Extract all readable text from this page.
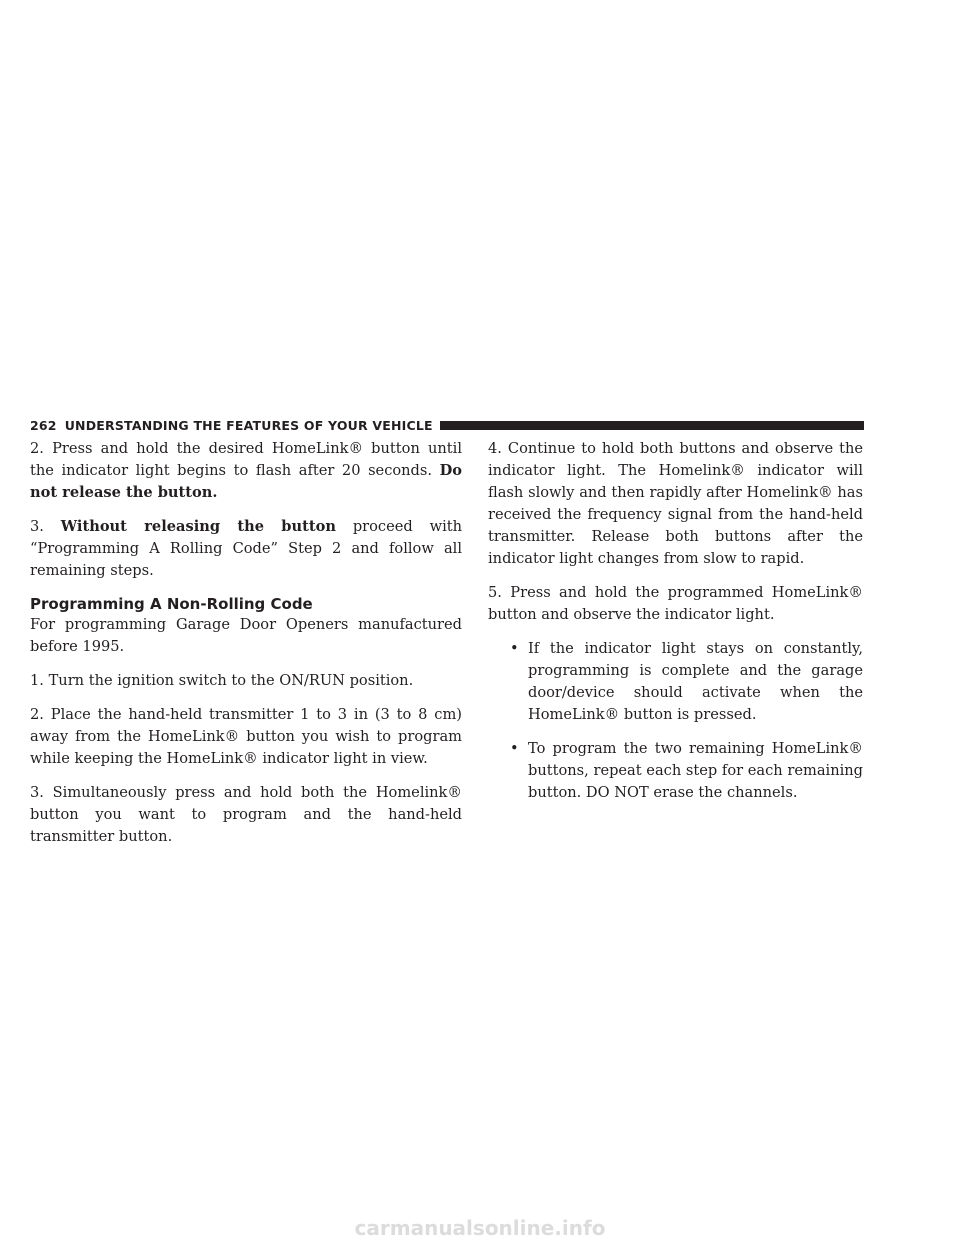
262 UNDERSTANDING THE FEATURES OF YOUR VEHICLE

2. Press and hold the desired HomeLink® button until the indicator light begins to flash after 20 seconds. Do not release the button.

3. Without releasing the button proceed with “Programming A Rolling Code” Step 2 and follow all remaining steps.

Programming A Non-Rolling Code

For programming Garage Door Openers manufactured before 1995.

1. Turn the ignition switch to the ON/RUN position.

2. Place the hand-held transmitter 1 to 3 in (3 to 8 cm) away from the HomeLink® button you wish to program while keeping the HomeLink® indicator light in view.

3. Simultaneously press and hold both the Homelink® button you want to program and the hand-held transmitter button.

4. Continue to hold both buttons and observe the indicator light. The Homelink® indicator will flash slowly and then rapidly after Homelink® has received the frequency signal from the hand-held transmitter. Release both buttons after the indicator light changes from slow to rapid.

5. Press and hold the programmed HomeLink® button and observe the indicator light.

• If the indicator light stays on constantly, programming is complete and the garage door/device should activate when the HomeLink® button is pressed.
• To program the two remaining HomeLink® buttons, repeat each step for each remaining button. DO NOT erase the channels.
carmanualsonline.info
